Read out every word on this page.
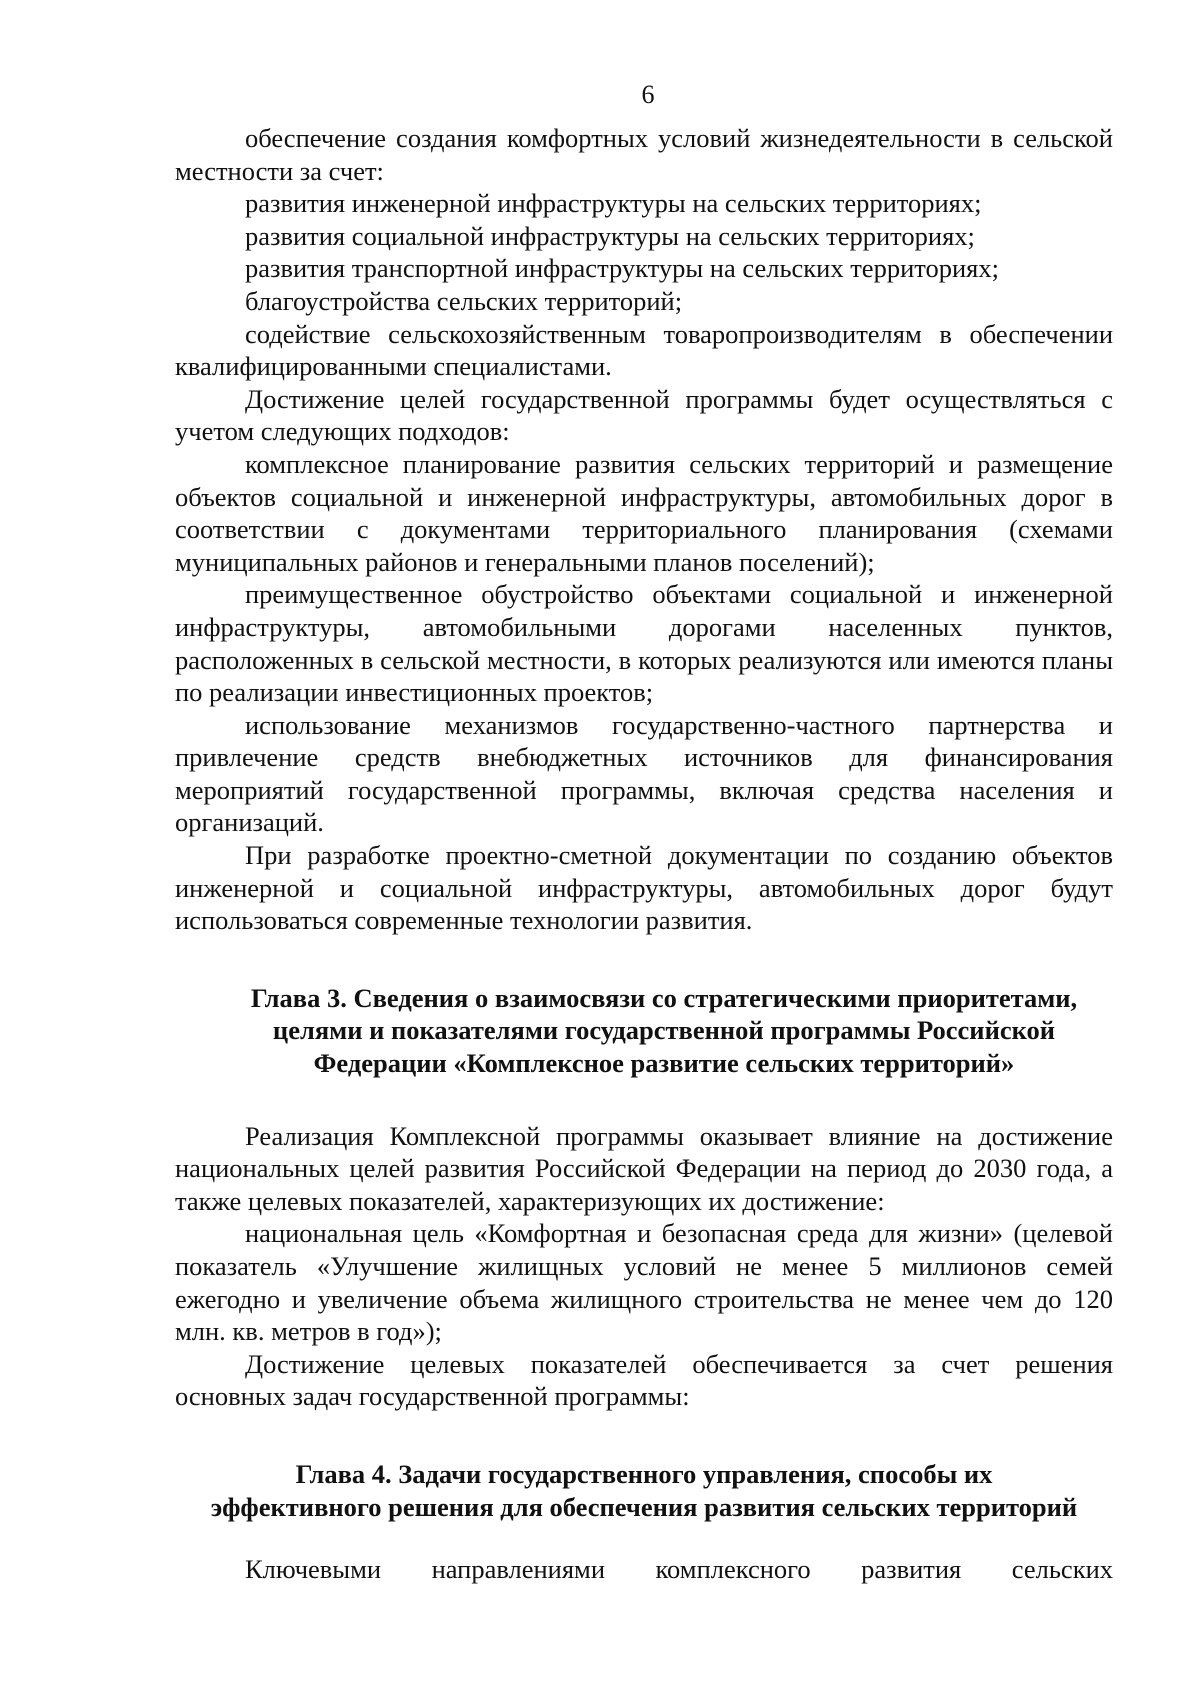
6

обеспечение создания комфортных условий жизнедеятельности в сельской местности за счет:

развития инженерной инфраструктуры на сельских территориях;

развития социальной инфраструктуры на сельских территориях;

развития транспортной инфраструктуры на сельских территориях;

благоустройства сельских территорий;

содействие сельскохозяйственным товаропроизводителям в обеспечении квалифицированными специалистами.

Достижение целей государственной программы будет осуществляться с учетом следующих подходов:

комплексное планирование развития сельских территорий и размещение объектов социальной и инженерной инфраструктуры, автомобильных дорог в соответствии с документами территориального планирования (схемами муниципальных районов и генеральными планов поселений);

преимущественное обустройство объектами социальной и инженерной инфраструктуры, автомобильными дорогами населенных пунктов, расположенных в сельской местности, в которых реализуются или имеются планы по реализации инвестиционных проектов;

использование механизмов государственно-частного партнерства и привлечение средств внебюджетных источников для финансирования мероприятий государственной программы, включая средства населения и организаций.

При разработке проектно-сметной документации по созданию объектов инженерной и социальной инфраструктуры, автомобильных дорог будут использоваться современные технологии развития.

Глава 3. Сведения о взаимосвязи со стратегическими приоритетами,
целями и показателями государственной программы Российской
Федерации «Комплексное развитие сельских территорий»

Реализация Комплексной программы оказывает влияние на достижение национальных целей развития Российской Федерации на период до 2030 года, а также целевых показателей, характеризующих их достижение:

национальная цель «Комфортная и безопасная среда для жизни» (целевой показатель «Улучшение жилищных условий не менее 5 миллионов семей ежегодно и увеличение объема жилищного строительства не менее чем до 120 млн. кв. метров в год»);

Достижение целевых показателей обеспечивается за счет решения основных задач государственной программы:

Глава 4. Задачи государственного управления, способы их
эффективного решения для обеспечения развития сельских территорий

Ключевыми направлениями комплексного развития сельских
